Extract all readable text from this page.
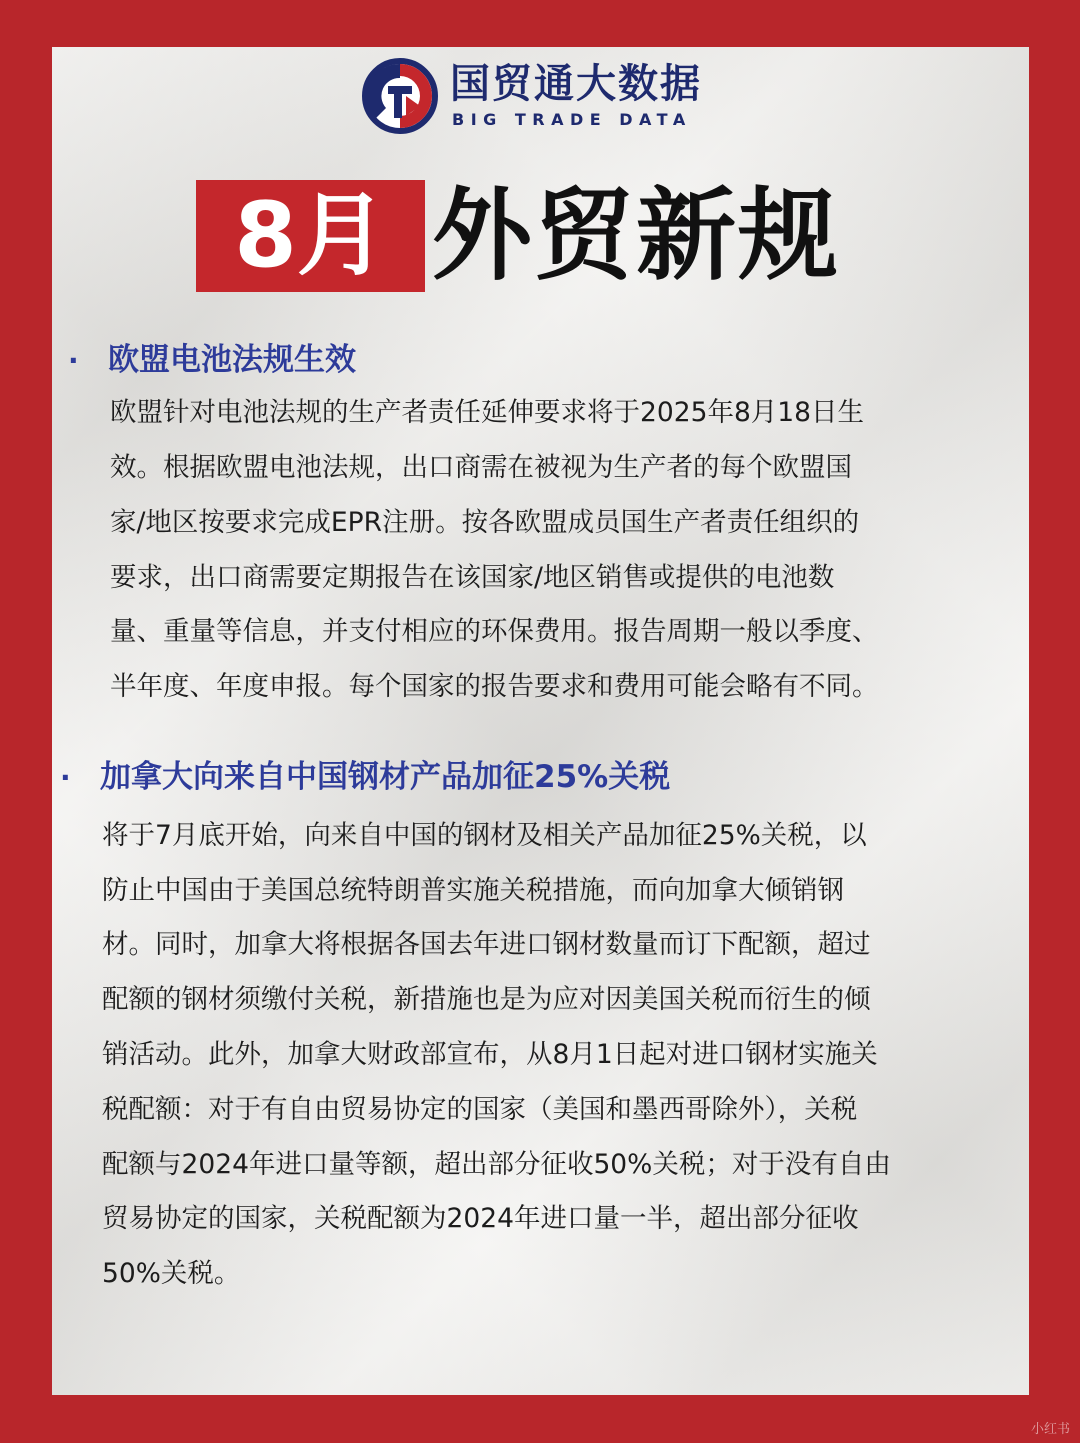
国贸通大数据
BIG TRADE DATA
8月 外贸新规
· 欧盟电池法规生效
欧盟针对电池法规的生产者责任延伸要求将于2025年8月18日生
效。根据欧盟电池法规，出口商需在被视为生产者的每个欧盟国
家/地区按要求完成EPR注册。按各欧盟成员国生产者责任组织的
要求，出口商需要定期报告在该国家/地区销售或提供的电池数
量、重量等信息，并支付相应的环保费用。报告周期一般以季度、
半年度、年度申报。每个国家的报告要求和费用可能会略有不同。
· 加拿大向来自中国钢材产品加征25%关税
将于7月底开始，向来自中国的钢材及相关产品加征25%关税，以
防止中国由于美国总统特朗普实施关税措施，而向加拿大倾销钢
材。同时，加拿大将根据各国去年进口钢材数量而订下配额，超过
配额的钢材须缴付关税，新措施也是为应对因美国关税而衍生的倾
销活动。此外，加拿大财政部宣布，从8月1日起对进口钢材实施关
税配额：对于有自由贸易协定的国家（美国和墨西哥除外），关税
配额与2024年进口量等额，超出部分征收50%关税；对于没有自由
贸易协定的国家，关税配额为2024年进口量一半，超出部分征收
50%关税。
小红书
